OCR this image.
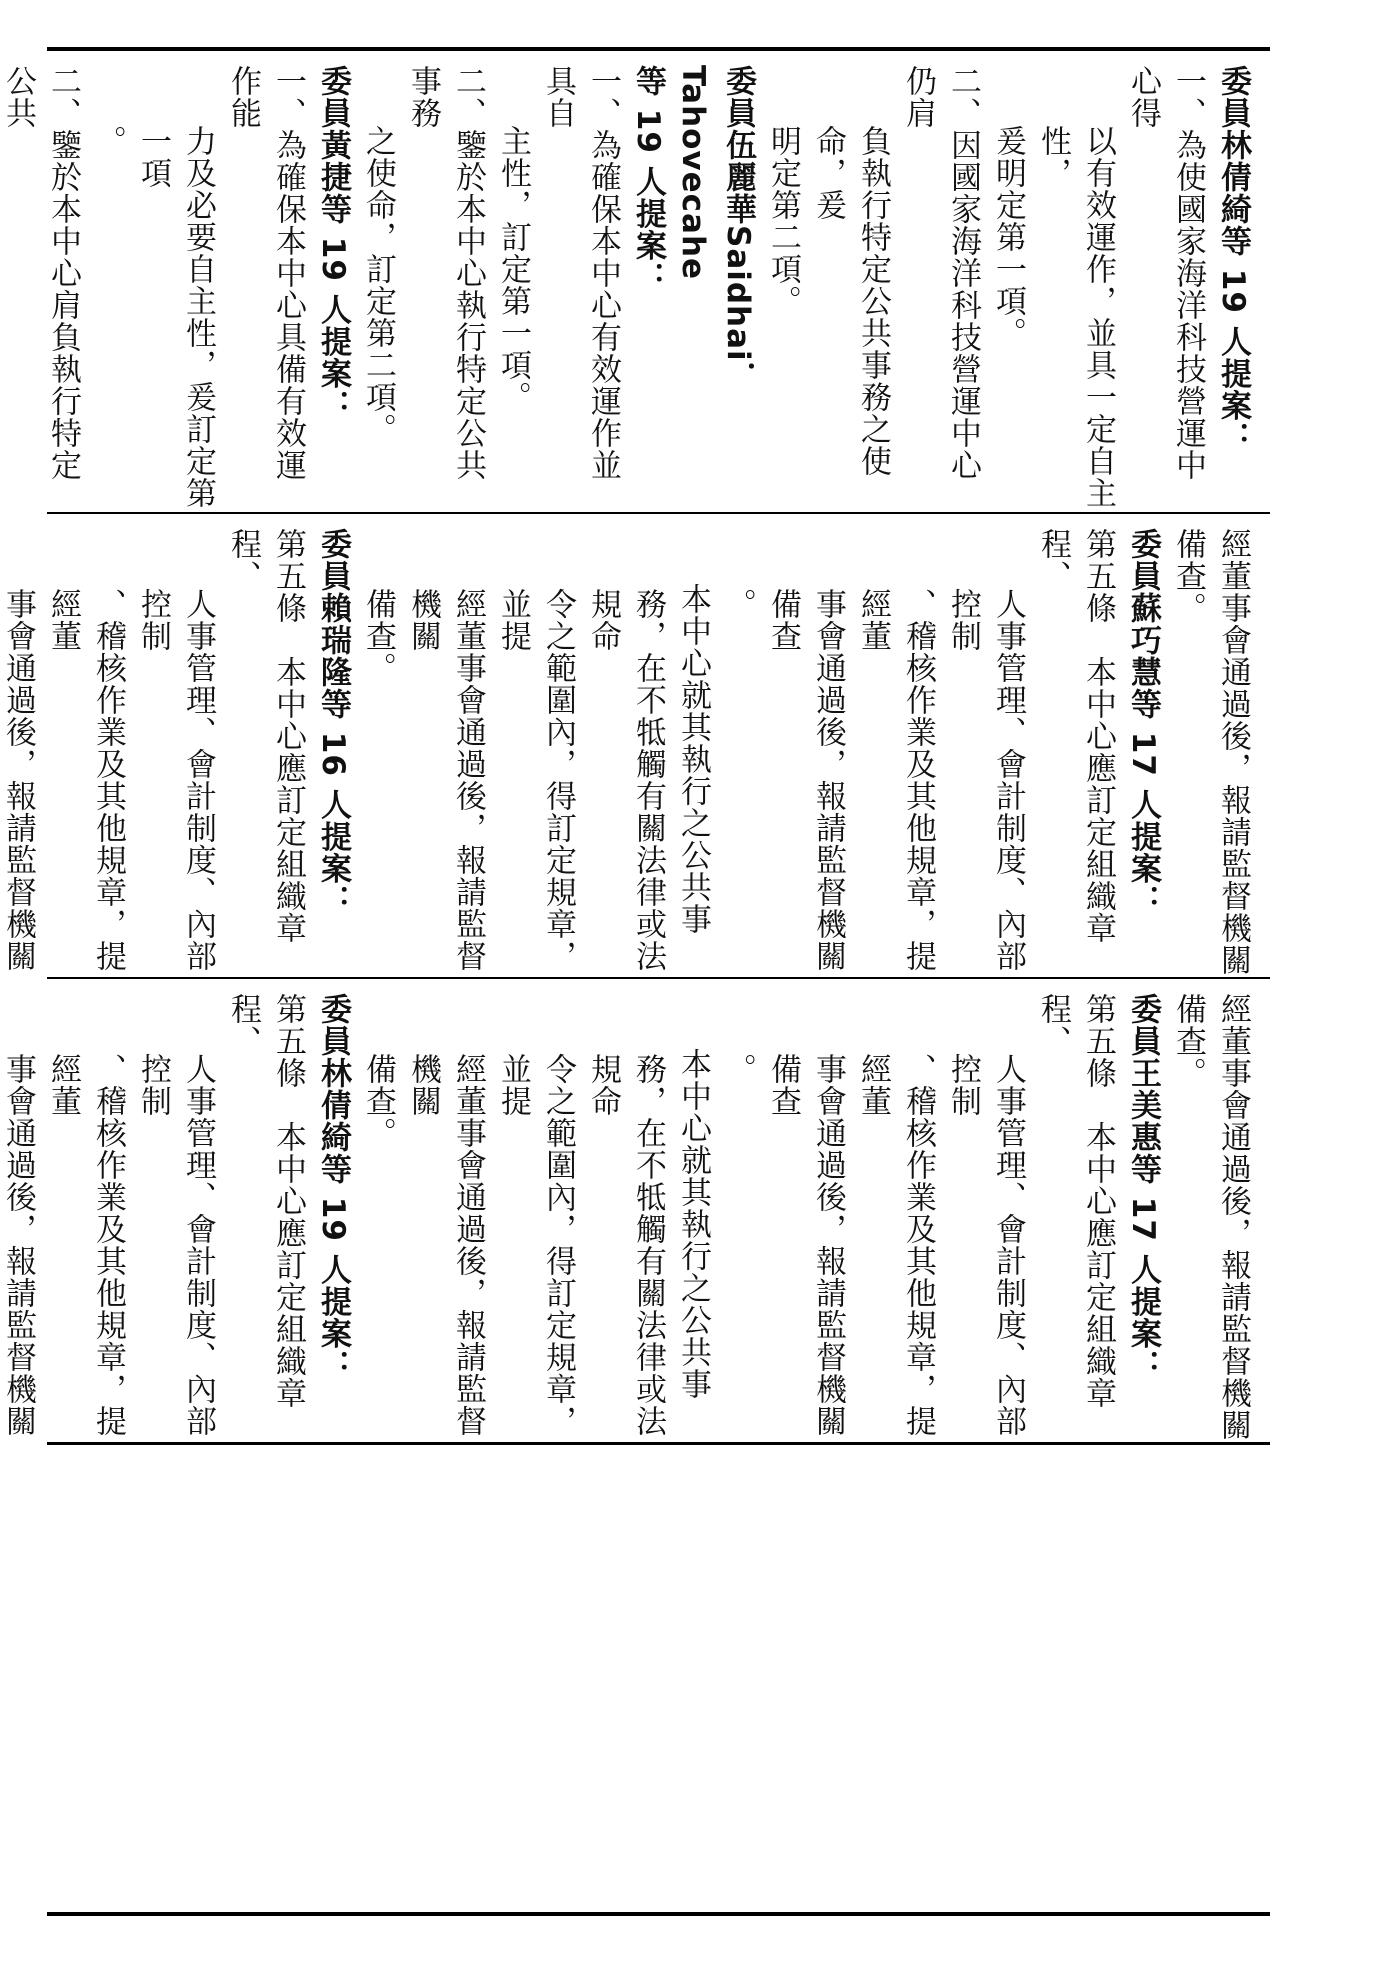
委員林倩綺等 19 人提案：
一、為使國家海洋科技營運中心得
以有效運作，並具一定自主性，
爰明定第一項。
二、因國家海洋科技營運中心仍肩
負執行特定公共事務之使命，爰
明定第二項。
委員伍麗華Saidhai．Tahovecahe
等 19 人提案：
一、為確保本中心有效運作並具自
主性，訂定第一項。
二、鑒於本中心執行特定公共事務
之使命，訂定第二項。
委員黃捷等 19 人提案：
一、為確保本中心具備有效運作能
力及必要自主性，爰訂定第一項
。
二、鑒於本中心肩負執行特定公共
經董事會通過後，報請監督機關
備查。
委員蘇巧慧等 17 人提案：
第五條　本中心應訂定組織章程、
人事管理、會計制度、內部控制
、稽核作業及其他規章，提經董
事會通過後，報請監督機關備查
。
本中心就其執行之公共事
務，在不牴觸有關法律或法規命
令之範圍內，得訂定規章，並提
經董事會通過後，報請監督機關
備查。
委員賴瑞隆等 16 人提案：
第五條　本中心應訂定組織章程、
人事管理、會計制度、內部控制
、稽核作業及其他規章，提經董
事會通過後，報請監督機關
經董事會通過後，報請監督機關
備查。
委員王美惠等 17 人提案：
第五條　本中心應訂定組織章程、
人事管理、會計制度、內部控制
、稽核作業及其他規章，提經董
事會通過後，報請監督機關備查
。
本中心就其執行之公共事
務，在不牴觸有關法律或法規命
令之範圍內，得訂定規章，並提
經董事會通過後，報請監督機關
備查。
委員林倩綺等 19 人提案：
第五條　本中心應訂定組織章程、
人事管理、會計制度、內部控制
、稽核作業及其他規章，提經董
事會通過後，報請監督機關
